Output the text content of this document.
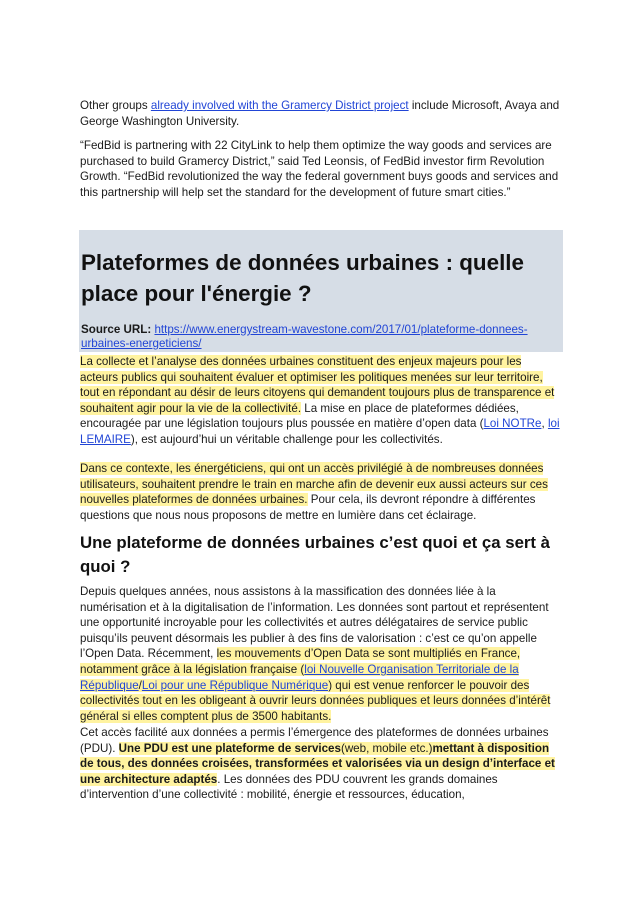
Other groups already involved with the Gramercy District project include Microsoft, Avaya and George Washington University.

“FedBid is partnering with 22 CityLink to help them optimize the way goods and services are purchased to build Gramercy District,” said Ted Leonsis, of FedBid investor firm Revolution Growth. “FedBid revolutionized the way the federal government buys goods and services and this partnership will help set the standard for the development of future smart cities.”

Plateformes de données urbaines : quelle place pour l'énergie ?
Source URL: https://www.energystream-wavestone.com/2017/01/plateforme-donnees-urbaines-energeticiens/

La collecte et l’analyse des données urbaines constituent des enjeux majeurs pour les acteurs publics qui souhaitent évaluer et optimiser les politiques menées sur leur territoire, tout en répondant au désir de leurs citoyens qui demandent toujours plus de transparence et souhaitent agir pour la vie de la collectivité. La mise en place de plateformes dédiées, encouragée par une législation toujours plus poussée en matière d’open data (Loi NOTRe, loi LEMAIRE), est aujourd’hui un véritable challenge pour les collectivités.

Dans ce contexte, les énergéticiens, qui ont un accès privilégié à de nombreuses données utilisateurs, souhaitent prendre le train en marche afin de devenir eux aussi acteurs sur ces nouvelles plateformes de données urbaines. Pour cela, ils devront répondre à différentes questions que nous nous proposons de mettre en lumière dans cet éclairage.

Une plateforme de données urbaines c’est quoi et ça sert à quoi ?

Depuis quelques années, nous assistons à la massification des données liée à la numérisation et à la digitalisation de l’information. Les données sont partout et représentent une opportunité incroyable pour les collectivités et autres délégataires de service public puisqu’ils peuvent désormais les publier à des fins de valorisation : c’est ce qu’on appelle l’Open Data. Récemment, les mouvements d’Open Data se sont multipliés en France, notamment grâce à la législation française (loi Nouvelle Organisation Territoriale de la République/Loi pour une République Numérique) qui est venue renforcer le pouvoir des collectivités tout en les obligeant à ouvrir leurs données publiques et leurs données d’intérêt général si elles comptent plus de 3500 habitants.

Cet accès facilité aux données a permis l’émergence des plateformes de données urbaines (PDU). Une PDU est une plateforme de services(web, mobile etc.)mettant à disposition de tous, des données croisées, transformées et valorisées via un design d’interface et une architecture adaptés. Les données des PDU couvrent les grands domaines d’intervention d’une collectivité : mobilité, énergie et ressources, éducation,
